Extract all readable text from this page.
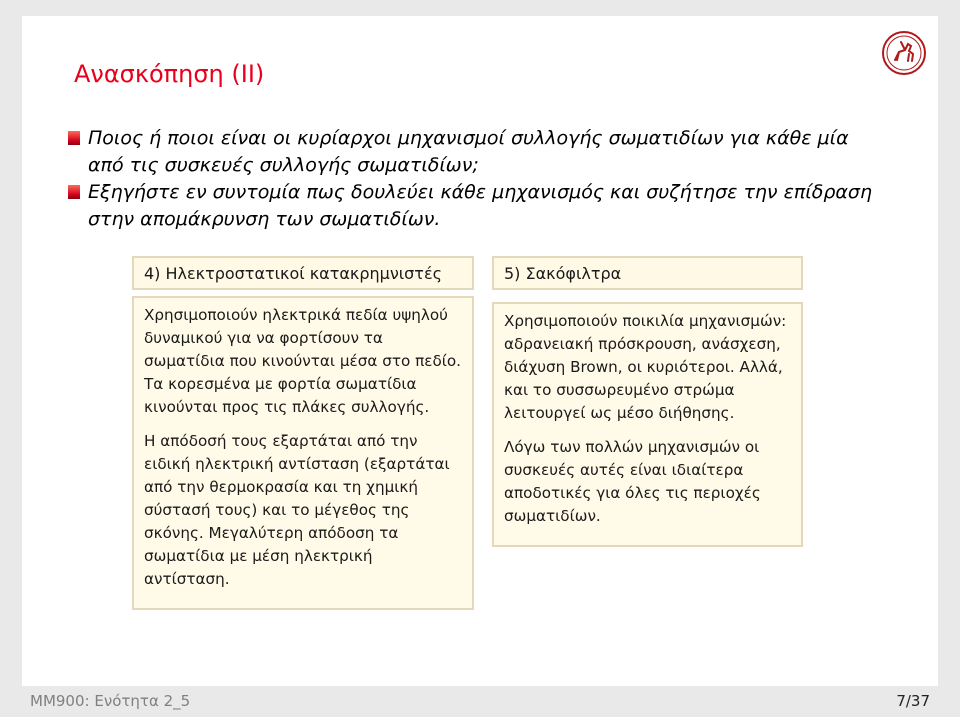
Ανασκόπηση (ΙΙ)
Ποιος ή ποιοι είναι οι κυρίαρχοι μηχανισμοί συλλογής σωματιδίων για κάθε μία από τις συσκευές συλλογής σωματιδίων;
Εξηγήστε εν συντομία πως δουλεύει κάθε μηχανισμός και συζήτησε την επίδραση στην απομάκρυνση των σωματιδίων.
4) Ηλεκτροστατικοί κατακρημνιστές

Χρησιμοποιούν ηλεκτρικά πεδία υψηλού δυναμικού για να φορτίσουν τα σωματίδια που κινούνται μέσα στο πεδίο. Τα κορεσμένα με φορτία σωματίδια κινούνται προς τις πλάκες συλλογής.

Η απόδοσή τους εξαρτάται από την ειδική ηλεκτρική αντίσταση (εξαρτάται από την θερμοκρασία και τη χημική σύστασή τους) και το μέγεθος της σκόνης. Μεγαλύτερη απόδοση τα σωματίδια με μέση ηλεκτρική αντίσταση.

5) Σακόφιλτρα

Χρησιμοποιούν ποικιλία μηχανισμών: αδρανειακή πρόσκρουση, ανάσχεση, διάχυση Brown, οι κυριότεροι. Αλλά, και το συσσωρευμένο στρώμα λειτουργεί ως μέσο διήθησης.

Λόγω των πολλών μηχανισμών οι συσκευές αυτές είναι ιδιαίτερα αποδοτικές για όλες τις περιοχές σωματιδίων.

MM900: Ενότητα 2_5	7/37
